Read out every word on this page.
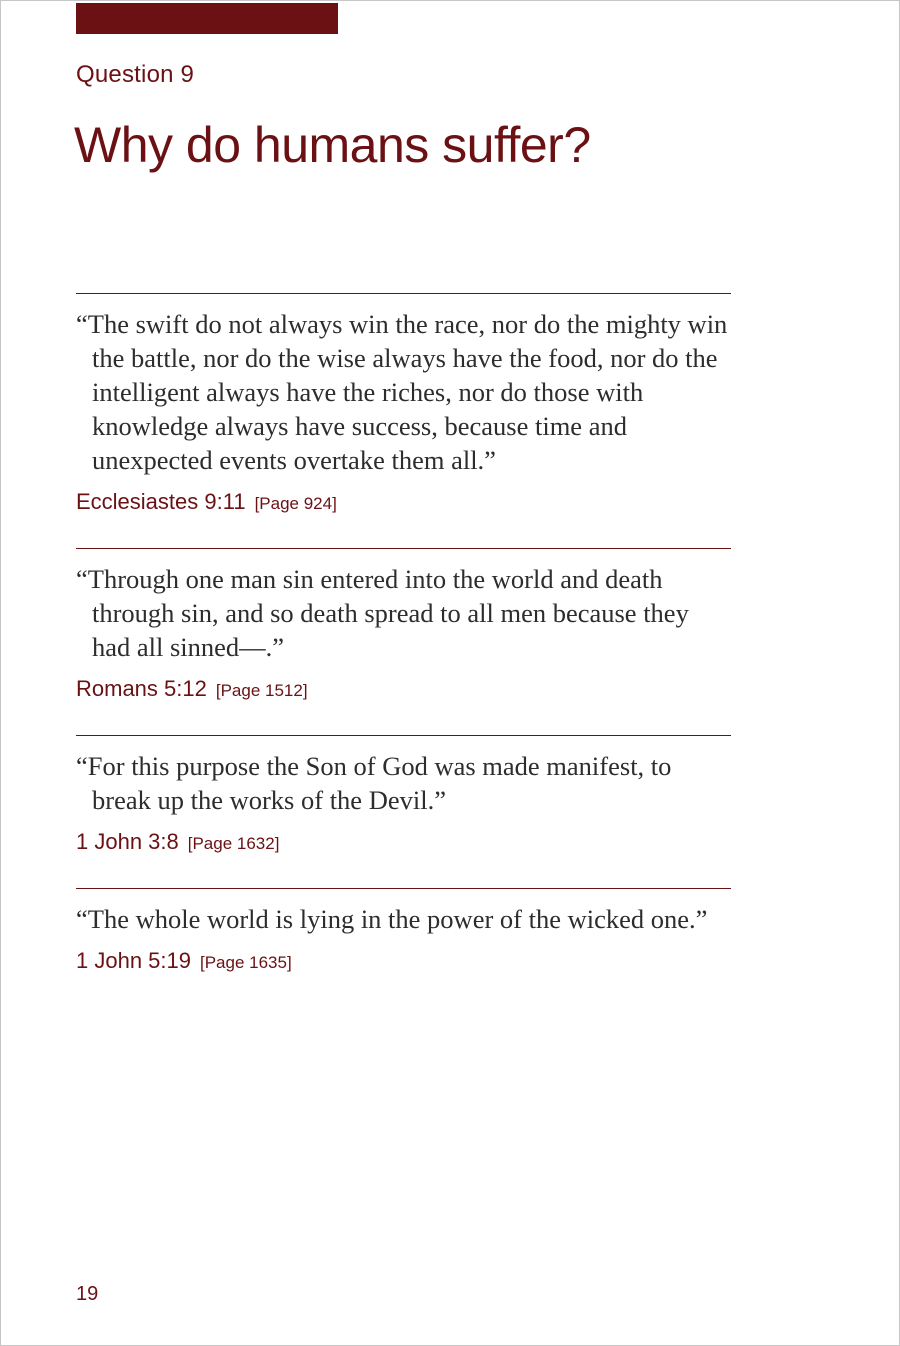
Question 9
Why do humans suffer?

“The swift do not always win the race, nor do the mighty win the battle, nor do the wise always have the food, nor do the intelligent always have the riches, nor do those with knowledge always have success, because time and unexpected events overtake them all.”

Ecclesiastes 9:11 [Page 924]

“Through one man sin entered into the world and death through sin, and so death spread to all men because they had all sinned—.”

Romans 5:12 [Page 1512]

“For this purpose the Son of God was made manifest, to break up the works of the Devil.”

1 John 3:8 [Page 1632]

“The whole world is lying in the power of the wicked one.”

1 John 5:19 [Page 1635]
19
